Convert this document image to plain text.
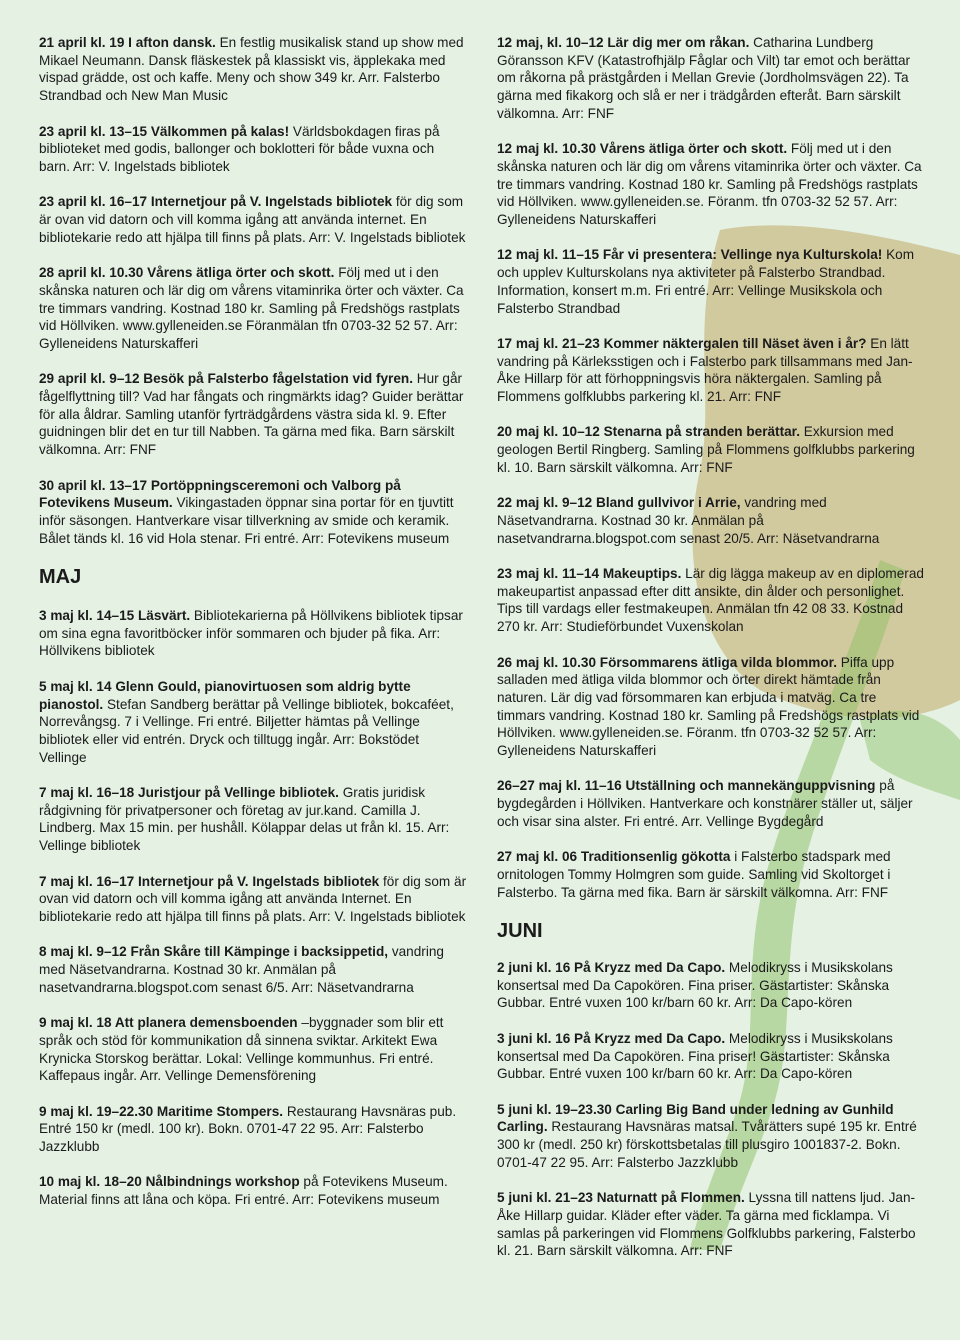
21 april kl. 19 I afton dansk. En festlig musikalisk stand up show med Mikael Neumann. Dansk fläskestek på klassiskt vis, äpplekaka med vispad grädde, ost och kaffe. Meny och show 349 kr. Arr. Falsterbo Strandbad och New Man Music
23 april kl. 13–15 Välkommen på kalas! Världsbokdagen firas på biblioteket med godis, ballonger och boklotteri för både vuxna och barn. Arr: V. Ingelstads bibliotek
23 april kl. 16–17 Internetjour på V. Ingelstads bibliotek för dig som är ovan vid datorn och vill komma igång att använda internet. En bibliotekarie redo att hjälpa till finns på plats. Arr: V. Ingelstads bibliotek
28 april kl. 10.30 Vårens ätliga örter och skott. Följ med ut i den skånska naturen och lär dig om vårens vitaminrika örter och växter. Ca tre timmars vandring. Kostnad 180 kr. Samling på Fredshögs rastplats vid Höllviken. www.gylleneiden.se Föranmälan tfn 0703-32 52 57. Arr: Gylleneidens Naturskafferi
29 april kl. 9–12 Besök på Falsterbo fågelstation vid fyren. Hur går fågelflyttning till? Vad har fångats och ringmärkts idag? Guider berättar för alla åldrar. Samling utanför fyrträdgårdens västra sida kl. 9. Efter guidningen blir det en tur till Nabben. Ta gärna med fika. Barn särskilt välkomna. Arr: FNF
30 april kl. 13–17 Portöppningsceremoni och Valborg på Fotevikens Museum. Vikingastaden öppnar sina portar för en tjuvtitt inför säsongen. Hantverkare visar tillverkning av smide och keramik. Bålet tänds kl. 16 vid Hola stenar. Fri entré. Arr: Fotevikens museum
MAJ
3 maj kl. 14–15 Läsvärt. Bibliotekarierna på Höllvikens bibliotek tipsar om sina egna favoritböcker inför sommaren och bjuder på fika. Arr: Höllvikens bibliotek
5 maj kl. 14 Glenn Gould, pianovirtuosen som aldrig bytte pianostol. Stefan Sandberg berättar på Vellinge bibliotek, bokcaféet, Norrevångsg. 7 i Vellinge. Fri entré. Biljetter hämtas på Vellinge bibliotek eller vid entrén. Dryck och tilltugg ingår. Arr: Bokstödet Vellinge
7 maj kl. 16–18 Juristjour på Vellinge bibliotek. Gratis juridisk rådgivning för privatpersoner och företag av jur.kand. Camilla J. Lindberg. Max 15 min. per hushåll. Kölappar delas ut från kl. 15. Arr: Vellinge bibliotek
7 maj kl. 16–17 Internetjour på V. Ingelstads bibliotek för dig som är ovan vid datorn och vill komma igång att använda Internet. En bibliotekarie redo att hjälpa till finns på plats. Arr: V. Ingelstads bibliotek
8 maj kl. 9–12 Från Skåre till Kämpinge i backsippetid, vandring med Näsetvandrarna. Kostnad 30 kr. Anmälan på nasetvandrarna.blogspot.com senast 6/5. Arr: Näsetvandrarna
9 maj kl. 18 Att planera demensboenden –byggnader som blir ett språk och stöd för kommunikation då sinnena sviktar. Arkitekt Ewa Krynicka Storskog berättar. Lokal: Vellinge kommunhus. Fri entré. Kaffepaus ingår. Arr. Vellinge Demensförening
9 maj kl. 19–22.30 Maritime Stompers. Restaurang Havsnäras pub. Entré 150 kr (medl. 100 kr). Bokn. 0701-47 22 95. Arr: Falsterbo Jazzklubb
10 maj kl. 18–20 Nålbindnings workshop på Fotevikens Museum. Material finns att låna och köpa. Fri entré. Arr: Fotevikens museum
12 maj, kl. 10–12 Lär dig mer om råkan. Catharina Lundberg Göransson KFV (Katastrofhjälp Fåglar och Vilt) tar emot och berättar om råkorna på prästgården i Mellan Grevie (Jordholmsvägen 22). Ta gärna med fikakorg och slå er ner i trädgården efteråt. Barn särskilt välkomna. Arr: FNF
12 maj kl. 10.30 Vårens ätliga örter och skott. Följ med ut i den skånska naturen och lär dig om vårens vitaminrika örter och växter. Ca tre timmars vandring. Kostnad 180 kr. Samling på Fredshögs rastplats vid Höllviken. www.gylleneiden.se. Föranm. tfn 0703-32 52 57. Arr: Gylleneidens Naturskafferi
12 maj kl. 11–15 Får vi presentera: Vellinge nya Kulturskola! Kom och upplev Kulturskolans nya aktiviteter på Falsterbo Strandbad. Information, konsert m.m. Fri entré. Arr: Vellinge Musikskola och Falsterbo Strandbad
17 maj kl. 21–23 Kommer näktergalen till Näset även i år? En lätt vandring på Kärleksstigen och i Falsterbo park tillsammans med Jan-Åke Hillarp för att förhoppningsvis höra näktergalen. Samling på Flommens golfklubbs parkering kl. 21. Arr: FNF
20 maj kl. 10–12 Stenarna på stranden berättar. Exkursion med geologen Bertil Ringberg. Samling på Flommens golfklubbs parkering kl. 10. Barn särskilt välkomna. Arr: FNF
22 maj kl. 9–12 Bland gullvivor i Arrie, vandring med Näsetvandrarna. Kostnad 30 kr. Anmälan på nasetvandrarna.blogspot.com senast 20/5. Arr: Näsetvandrarna
23 maj kl. 11–14 Makeuptips. Lär dig lägga makeup av en diplomerad makeupartist anpassad efter ditt ansikte, din ålder och personlighet. Tips till vardags eller festmakeupen. Anmälan tfn 42 08 33. Kostnad 270 kr. Arr: Studieförbundet Vuxenskolan
26 maj kl. 10.30 Försommarens ätliga vilda blommor. Piffa upp salladen med ätliga vilda blommor och örter direkt hämtade från naturen. Lär dig vad försommaren kan erbjuda i matväg. Ca tre timmars vandring. Kostnad 180 kr. Samling på Fredshögs rastplats vid Höllviken. www.gylleneiden.se. Föranm. tfn 0703-32 52 57. Arr: Gylleneidens Naturskafferi
26–27 maj kl. 11–16 Utställning och mannekänguppvisning på bygdegården i Höllviken. Hantverkare och konstnärer ställer ut, säljer och visar sina alster. Fri entré. Arr. Vellinge Bygdegård
27 maj kl. 06 Traditionsenlig gökotta i Falsterbo stadspark med ornitologen Tommy Holmgren som guide. Samling vid Skoltorget i Falsterbo. Ta gärna med fika. Barn är särskilt välkomna. Arr: FNF
JUNI
2 juni kl. 16 På Kryzz med Da Capo. Melodikryss i Musikskolans konsertsal med Da Capokören. Fina priser. Gästartister: Skånska Gubbar. Entré vuxen 100 kr/barn 60 kr. Arr: Da Capo-kören
3 juni kl. 16 På Kryzz med Da Capo. Melodikryss i Musikskolans konsertsal med Da Capokören. Fina priser! Gästartister: Skånska Gubbar. Entré vuxen 100 kr/barn 60 kr. Arr: Da Capo-kören
5 juni kl. 19–23.30 Carling Big Band under ledning av Gunhild Carling. Restaurang Havsnäras matsal. Tvårätters supé 195 kr. Entré 300 kr (medl. 250 kr) förskottsbetalas till plusgiro 1001837-2. Bokn. 0701-47 22 95. Arr: Falsterbo Jazzklubb
5 juni kl. 21–23 Naturnatt på Flommen. Lyssna till nattens ljud. Jan-Åke Hillarp guidar. Kläder efter väder. Ta gärna med ficklampa. Vi samlas på parkeringen vid Flommens Golfklubbs parkering, Falsterbo kl. 21. Barn särskilt välkomna. Arr: FNF
